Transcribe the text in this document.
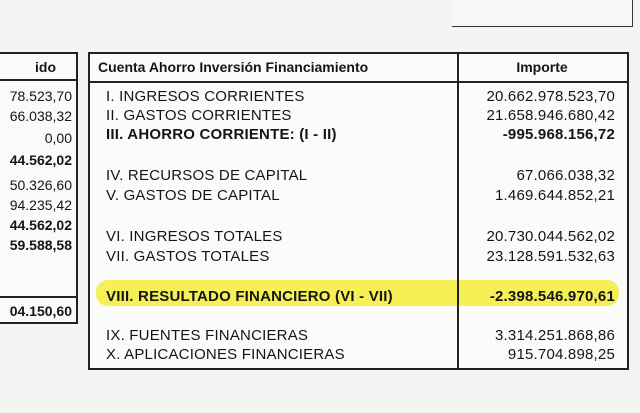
ido
78.523,70
66.038,32
0,00
44.562,02
50.326,60
94.235,42
44.562,02
59.588,58
04.150,60
Cuenta Ahorro Inversión Financiamiento	Importe
I. INGRESOS CORRIENTES	20.662.978.523,70
II. GASTOS CORRIENTES	21.658.946.680,42
III. AHORRO CORRIENTE: (I - II)	-995.968.156,72
IV. RECURSOS DE CAPITAL	67.066.038,32
V. GASTOS DE CAPITAL	1.469.644.852,21
VI. INGRESOS TOTALES	20.730.044.562,02
VII. GASTOS TOTALES	23.128.591.532,63
VIII. RESULTADO FINANCIERO (VI - VII)	-2.398.546.970,61
IX. FUENTES FINANCIERAS	3.314.251.868,86
X. APLICACIONES FINANCIERAS	915.704.898,25
